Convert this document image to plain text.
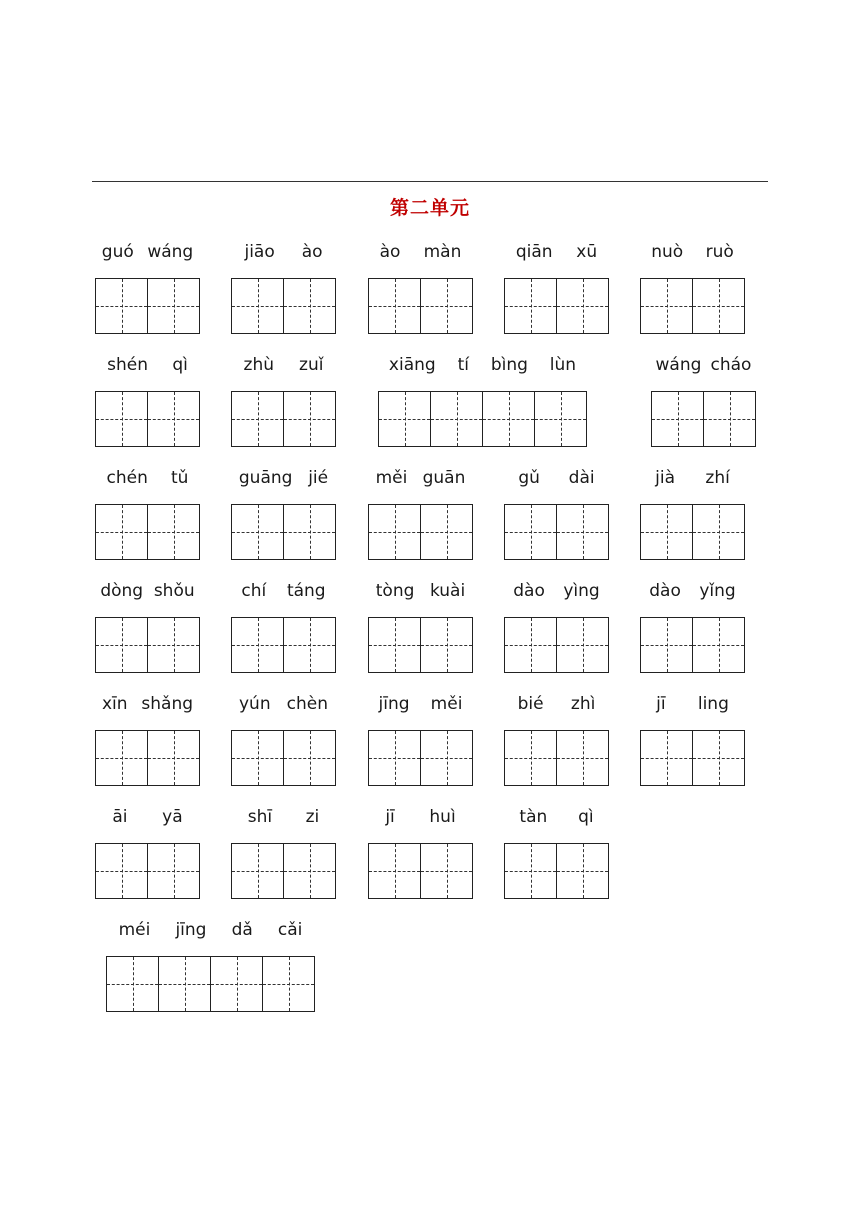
第二单元
guó wáng	jiāo ào	ào màn	qiān xū	nuò ruò
shén qì	zhù zuǐ	xiāng tí bìng lùn	wáng cháo
chén tǔ	guāng jié	měi guān	gǔ dài	jià zhí
dòng shǒu	chí táng	tòng kuài	dào yìng	dào yǐng
xīn shǎng	yún chèn	jīng měi	bié zhì	jī ling
āi yā	shī zi	jī huì	tàn qì
méi jīng dǎ cǎi
